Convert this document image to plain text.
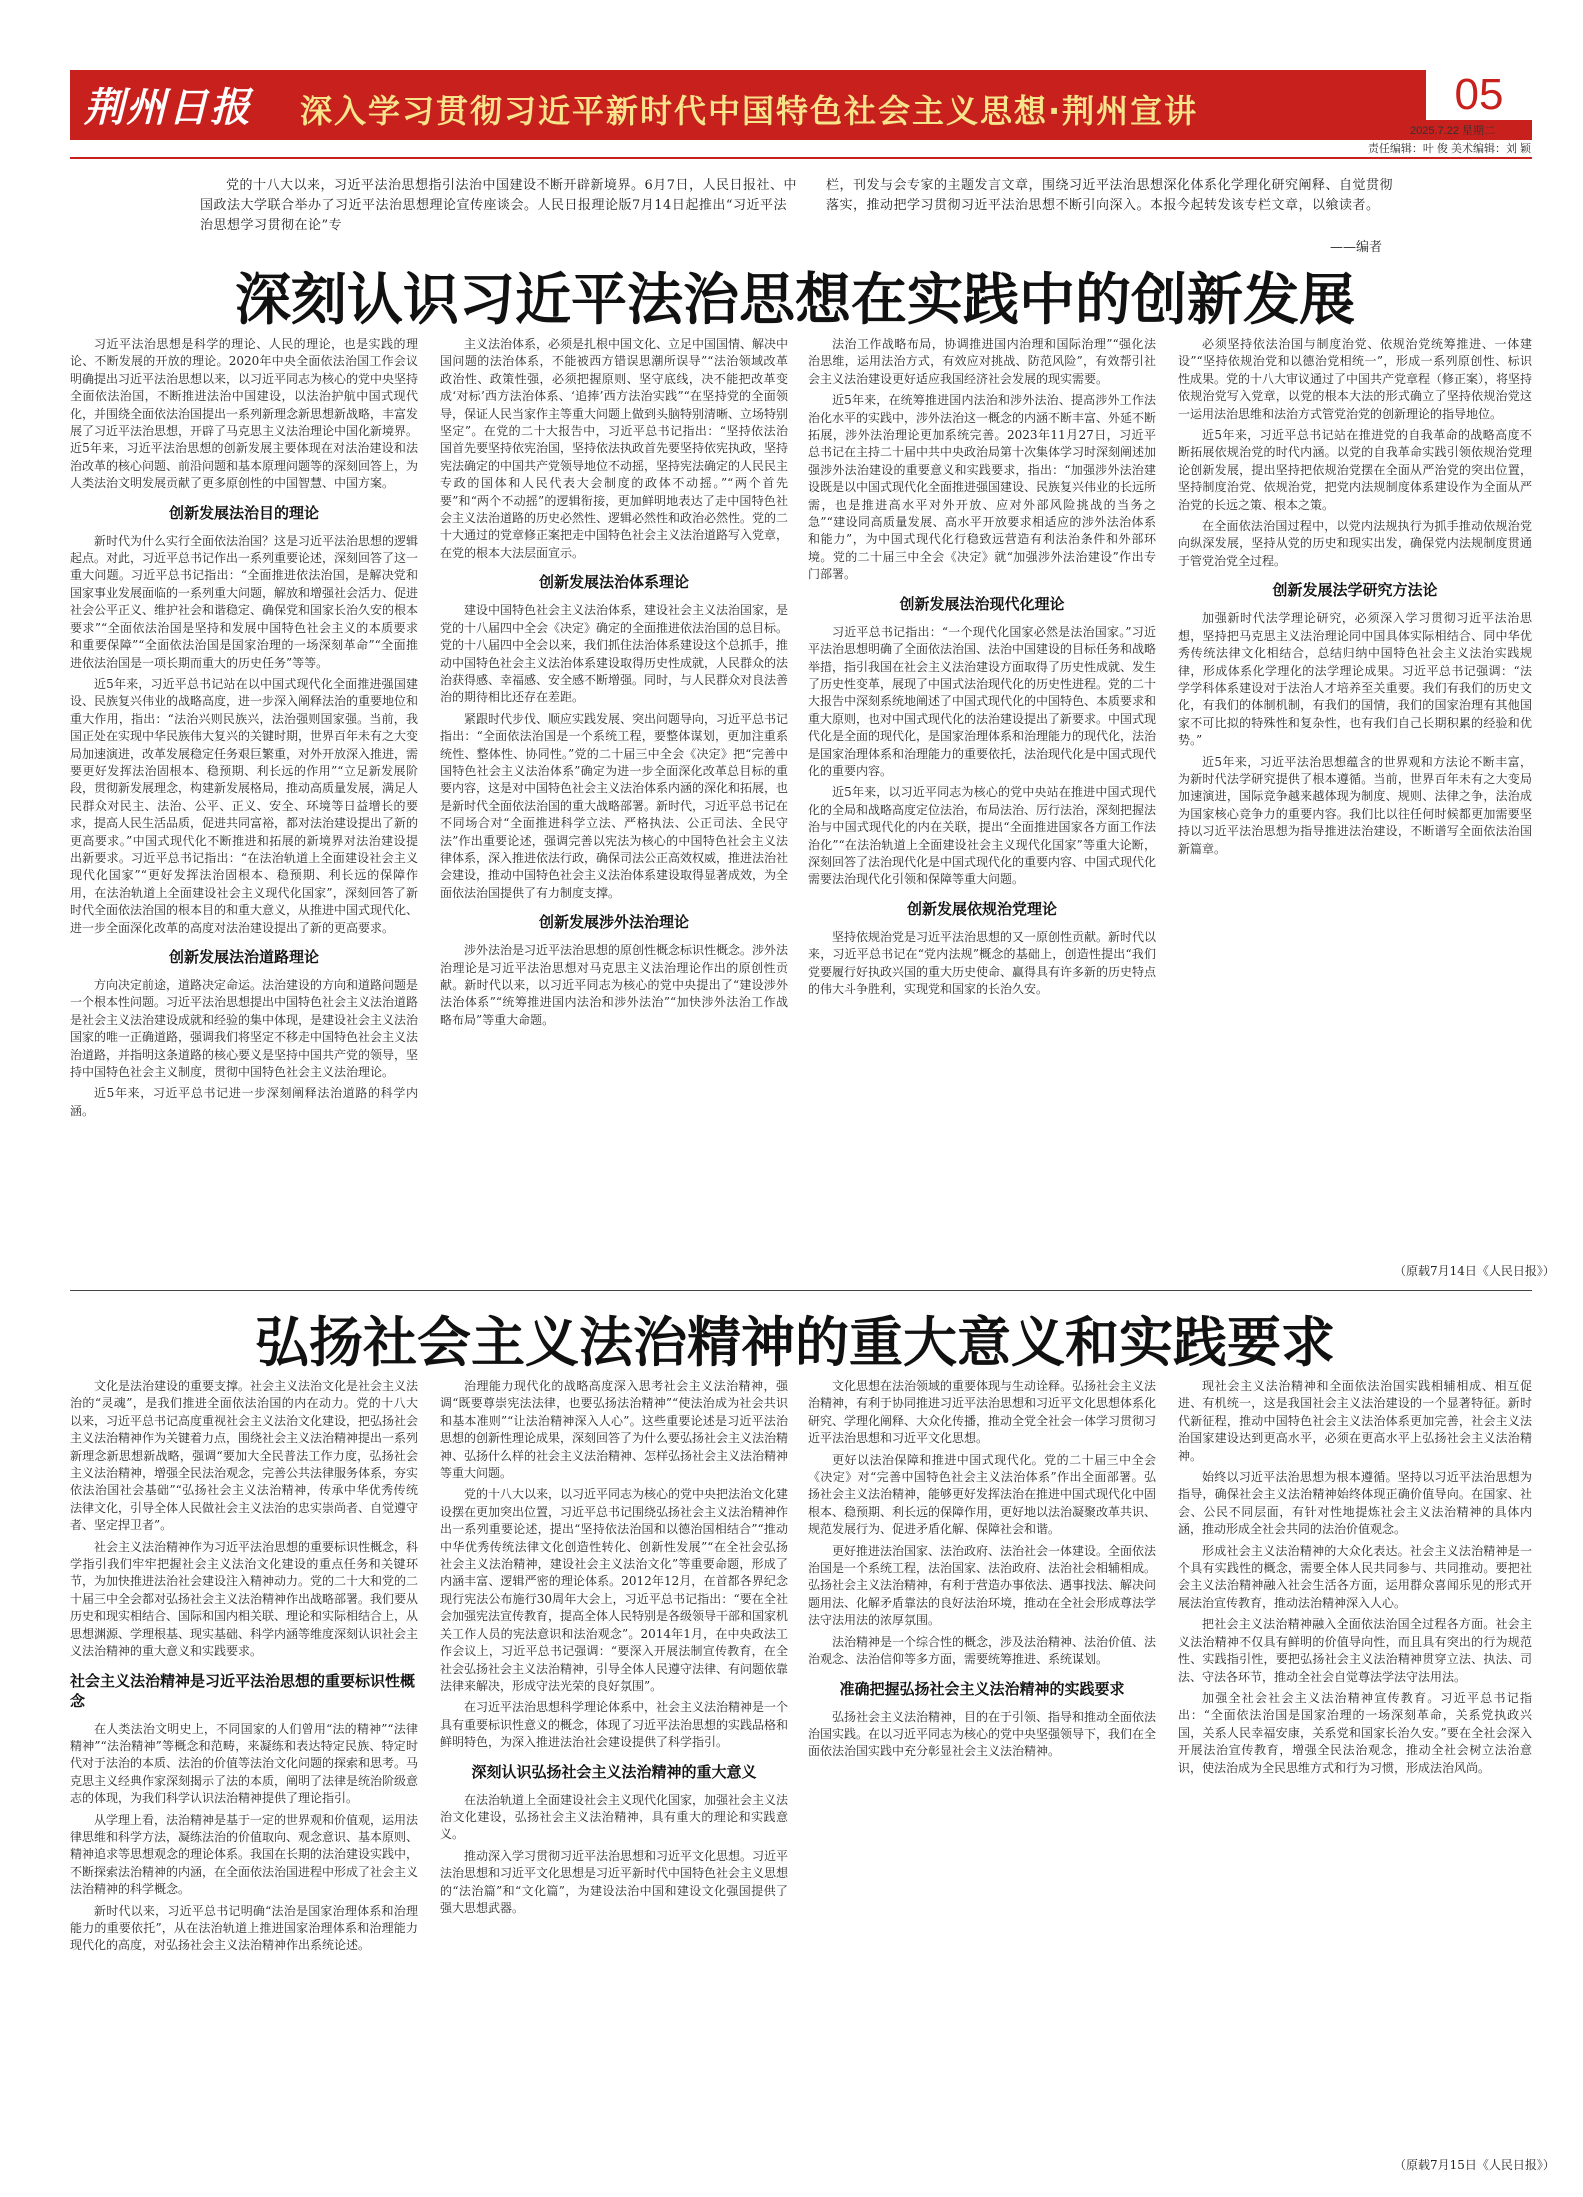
荆州日报 深入学习贯彻习近平新时代中国特色社会主义思想·荆州宣讲	05
2025.7.22 星期二
责任编辑：叶 俊 美术编辑：刘 颖
党的十八大以来，习近平法治思想指引法治中国建设不断开辟新境界。6月7日，人民日报社、中国政法大学联合举办了习近平法治思想理论宣传座谈会。人民日报理论版7月14日起推出“习近平法治思想学习贯彻在论”专
栏，刊发与会专家的主题发言文章，围绕习近平法治思想深化体系化学理化研究阐释、自觉贯彻落实，推动把学习贯彻习近平法治思想不断引向深入。本报今起转发该专栏文章，以飨读者。
——编者
深刻认识习近平法治思想在实践中的创新发展

习近平法治思想是科学的理论、人民的理论，也是实践的理论、不断发展的开放的理论。2020年中央全面依法治国工作会议明确提出习近平法治思想以来，以习近平同志为核心的党中央坚持全面依法治国，不断推进法治中国建设，以法治护航中国式现代化，并围绕全面依法治国提出一系列新理念新思想新战略，丰富发展了习近平法治思想，开辟了马克思主义法治理论中国化新境界。近5年来，习近平法治思想的创新发展主要体现在对法治建设和法治改革的核心问题、前沿问题和基本原理问题等的深刻回答上，为人类法治文明发展贡献了更多原创性的中国智慧、中国方案。

创新发展法治目的理论

新时代为什么实行全面依法治国？这是习近平法治思想的逻辑起点。对此，习近平总书记作出一系列重要论述，深刻回答了这一重大问题。习近平总书记指出：“全面推进依法治国，是解决党和国家事业发展面临的一系列重大问题，解放和增强社会活力、促进社会公平正义、维护社会和谐稳定、确保党和国家长治久安的根本要求”“全面依法治国是坚持和发展中国特色社会主义的本质要求和重要保障”“全面依法治国是国家治理的一场深刻革命”“全面推进依法治国是一项长期而重大的历史任务”等等。

近5年来，习近平总书记站在以中国式现代化全面推进强国建设、民族复兴伟业的战略高度，进一步深入阐释法治的重要地位和重大作用，指出：“法治兴则民族兴，法治强则国家强。当前，我国正处在实现中华民族伟大复兴的关键时期，世界百年未有之大变局加速演进，改革发展稳定任务艰巨繁重，对外开放深入推进，需要更好发挥法治固根本、稳预期、利长远的作用”“立足新发展阶段，贯彻新发展理念，构建新发展格局，推动高质量发展，满足人民群众对民主、法治、公平、正义、安全、环境等日益增长的要求，提高人民生活品质，促进共同富裕，都对法治建设提出了新的更高要求。”中国式现代化不断推进和拓展的新境界对法治建设提出新要求。习近平总书记指出：“在法治轨道上全面建设社会主义现代化国家”“更好发挥法治固根本、稳预期、利长远的保障作用，在法治轨道上全面建设社会主义现代化国家”，深刻回答了新时代全面依法治国的根本目的和重大意义，从推进中国式现代化、进一步全面深化改革的高度对法治建设提出了新的更高要求。

创新发展法治道路理论

方向决定前途，道路决定命运。法治建设的方向和道路问题是一个根本性问题。习近平法治思想提出中国特色社会主义法治道路是社会主义法治建设成就和经验的集中体现，是建设社会主义法治国家的唯一正确道路，强调我们将坚定不移走中国特色社会主义法治道路，并指明这条道路的核心要义是坚持中国共产党的领导，坚持中国特色社会主义制度，贯彻中国特色社会主义法治理论。

近5年来，习近平总书记进一步深刻阐释法治道路的科学内涵。

主义法治体系，必须是扎根中国文化、立足中国国情、解决中国问题的法治体系，不能被西方错误思潮所误导”“法治领域改革政治性、政策性强，必须把握原则、坚守底线，决不能把改革变成‘对标’西方法治体系、‘追捧’西方法治实践”“在坚持党的全面领导，保证人民当家作主等重大问题上做到头脑特别清晰、立场特别坚定”。在党的二十大报告中，习近平总书记指出：“坚持依法治国首先要坚持依宪治国，坚持依法执政首先要坚持依宪执政，坚持宪法确定的中国共产党领导地位不动摇，坚持宪法确定的人民民主专政的国体和人民代表大会制度的政体不动摇。”“两个首先要”和“两个不动摇”的逻辑衔接，更加鲜明地表达了走中国特色社会主义法治道路的历史必然性、逻辑必然性和政治必然性。党的二十大通过的党章修正案把走中国特色社会主义法治道路写入党章，在党的根本大法层面宣示。

创新发展法治体系理论

建设中国特色社会主义法治体系，建设社会主义法治国家，是党的十八届四中全会《决定》确定的全面推进依法治国的总目标。党的十八届四中全会以来，我们抓住法治体系建设这个总抓手，推动中国特色社会主义法治体系建设取得历史性成就，人民群众的法治获得感、幸福感、安全感不断增强。同时，与人民群众对良法善治的期待相比还存在差距。

紧跟时代步伐、顺应实践发展、突出问题导向，习近平总书记指出：“全面依法治国是一个系统工程，要整体谋划，更加注重系统性、整体性、协同性。”党的二十届三中全会《决定》把“完善中国特色社会主义法治体系”确定为进一步全面深化改革总目标的重要内容，这是对中国特色社会主义法治体系内涵的深化和拓展，也是新时代全面依法治国的重大战略部署。新时代，习近平总书记在不同场合对“全面推进科学立法、严格执法、公正司法、全民守法”作出重要论述，强调完善以宪法为核心的中国特色社会主义法律体系，深入推进依法行政，确保司法公正高效权威，推进法治社会建设，推动中国特色社会主义法治体系建设取得显著成效，为全面依法治国提供了有力制度支撑。

创新发展涉外法治理论

涉外法治是习近平法治思想的原创性概念标识性概念。涉外法治理论是习近平法治思想对马克思主义法治理论作出的原创性贡献。新时代以来，以习近平同志为核心的党中央提出了“建设涉外法治体系”“统筹推进国内法治和涉外法治”“加快涉外法治工作战略布局”等重大命题。

法治工作战略布局，协调推进国内治理和国际治理”“强化法治思维，运用法治方式，有效应对挑战、防范风险”，有效帮引社会主义法治建设更好适应我国经济社会发展的现实需要。

近5年来，在统筹推进国内法治和涉外法治、提高涉外工作法治化水平的实践中，涉外法治这一概念的内涵不断丰富、外延不断拓展，涉外法治理论更加系统完善。2023年11月27日，习近平总书记在主持二十届中共中央政治局第十次集体学习时深刻阐述加强涉外法治建设的重要意义和实践要求，指出：“加强涉外法治建设既是以中国式现代化全面推进强国建设、民族复兴伟业的长远所需，也是推进高水平对外开放、应对外部风险挑战的当务之急”“建设同高质量发展、高水平开放要求相适应的涉外法治体系和能力”，为中国式现代化行稳致远营造有利法治条件和外部环境。党的二十届三中全会《决定》就“加强涉外法治建设”作出专门部署。

创新发展法治现代化理论

习近平总书记指出：“一个现代化国家必然是法治国家。”习近平法治思想明确了全面依法治国、法治中国建设的目标任务和战略举措，指引我国在社会主义法治建设方面取得了历史性成就、发生了历史性变革，展现了中国式法治现代化的历史性进程。党的二十大报告中深刻系统地阐述了中国式现代化的中国特色、本质要求和重大原则，也对中国式现代化的法治建设提出了新要求。中国式现代化是全面的现代化，是国家治理体系和治理能力的现代化，法治是国家治理体系和治理能力的重要依托，法治现代化是中国式现代化的重要内容。

近5年来，以习近平同志为核心的党中央站在推进中国式现代化的全局和战略高度定位法治，布局法治、厉行法治，深刻把握法治与中国式现代化的内在关联，提出“全面推进国家各方面工作法治化”“在法治轨道上全面建设社会主义现代化国家”等重大论断，深刻回答了法治现代化是中国式现代化的重要内容、中国式现代化需要法治现代化引领和保障等重大问题。

创新发展依规治党理论

坚持依规治党是习近平法治思想的又一原创性贡献。新时代以来，习近平总书记在“党内法规”概念的基础上，创造性提出“我们党要履行好执政兴国的重大历史使命、赢得具有许多新的历史特点的伟大斗争胜利，实现党和国家的长治久安。

必须坚持依法治国与制度治党、依规治党统筹推进、一体建设”“坚持依规治党和以德治党相统一”，形成一系列原创性、标识性成果。党的十八大审议通过了中国共产党章程（修正案），将坚持依规治党写入党章，以党的根本大法的形式确立了坚持依规治党这一运用法治思维和法治方式管党治党的创新理论的指导地位。

近5年来，习近平总书记站在推进党的自我革命的战略高度不断拓展依规治党的时代内涵。以党的自我革命实践引领依规治党理论创新发展，提出坚持把依规治党摆在全面从严治党的突出位置，坚持制度治党、依规治党，把党内法规制度体系建设作为全面从严治党的长远之策、根本之策。

在全面依法治国过程中，以党内法规执行为抓手推动依规治党向纵深发展，坚持从党的历史和现实出发，确保党内法规制度贯通于管党治党全过程。

创新发展法学研究方法论

加强新时代法学理论研究，必须深入学习贯彻习近平法治思想，坚持把马克思主义法治理论同中国具体实际相结合、同中华优秀传统法律文化相结合，总结归纳中国特色社会主义法治实践规律，形成体系化学理化的法学理论成果。习近平总书记强调：“法学学科体系建设对于法治人才培养至关重要。我们有我们的历史文化，有我们的体制机制，有我们的国情，我们的国家治理有其他国家不可比拟的特殊性和复杂性，也有我们自己长期积累的经验和优势。”

近5年来，习近平法治思想蕴含的世界观和方法论不断丰富，为新时代法学研究提供了根本遵循。当前，世界百年未有之大变局加速演进，国际竞争越来越体现为制度、规则、法律之争，法治成为国家核心竞争力的重要内容。我们比以往任何时候都更加需要坚持以习近平法治思想为指导推进法治建设，不断谱写全面依法治国新篇章。

（原载7月14日《人民日报》）
弘扬社会主义法治精神的重大意义和实践要求

文化是法治建设的重要支撑。社会主义法治文化是社会主义法治的“灵魂”，是我们推进全面依法治国的内在动力。党的十八大以来，习近平总书记高度重视社会主义法治文化建设，把弘扬社会主义法治精神作为关键着力点，围绕社会主义法治精神提出一系列新理念新思想新战略，强调“要加大全民普法工作力度，弘扬社会主义法治精神，增强全民法治观念，完善公共法律服务体系，夯实依法治国社会基础”“弘扬社会主义法治精神，传承中华优秀传统法律文化，引导全体人民做社会主义法治的忠实崇尚者、自觉遵守者、坚定捍卫者”。

社会主义法治精神作为习近平法治思想的重要标识性概念，科学指引我们牢牢把握社会主义法治文化建设的重点任务和关键环节，为加快推进法治社会建设注入精神动力。党的二十大和党的二十届三中全会都对弘扬社会主义法治精神作出战略部署。我们要从历史和现实相结合、国际和国内相关联、理论和实际相结合上，从思想渊源、学理根基、现实基础、科学内涵等维度深刻认识社会主义法治精神的重大意义和实践要求。

社会主义法治精神是习近平法治思想的重要标识性概念

在人类法治文明史上，不同国家的人们曾用“法的精神”“法律精神”“法治精神”等概念和范畴，来凝练和表达特定民族、特定时代对于法治的本质、法治的价值等法治文化问题的探索和思考。马克思主义经典作家深刻揭示了法的本质，阐明了法律是统治阶级意志的体现，为我们科学认识法治精神提供了理论指引。

从学理上看，法治精神是基于一定的世界观和价值观，运用法律思维和科学方法，凝练法治的价值取向、观念意识、基本原则、精神追求等思想观念的理论体系。我国在长期的法治建设实践中，不断探索法治精神的内涵，在全面依法治国进程中形成了社会主义法治精神的科学概念。

新时代以来，习近平总书记明确“法治是国家治理体系和治理能力的重要依托”，从在法治轨道上推进国家治理体系和治理能力现代化的高度，对弘扬社会主义法治精神作出系统论述。

治理能力现代化的战略高度深入思考社会主义法治精神，强调“既要尊崇宪法法律，也要弘扬法治精神”“使法治成为社会共识和基本准则”“让法治精神深入人心”。这些重要论述是习近平法治思想的创新性理论成果，深刻回答了为什么要弘扬社会主义法治精神、弘扬什么样的社会主义法治精神、怎样弘扬社会主义法治精神等重大问题。

党的十八大以来，以习近平同志为核心的党中央把法治文化建设摆在更加突出位置，习近平总书记围绕弘扬社会主义法治精神作出一系列重要论述，提出“坚持依法治国和以德治国相结合”“推动中华优秀传统法律文化创造性转化、创新性发展”“在全社会弘扬社会主义法治精神，建设社会主义法治文化”等重要命题，形成了内涵丰富、逻辑严密的理论体系。2012年12月，在首都各界纪念现行宪法公布施行30周年大会上，习近平总书记指出：“要在全社会加强宪法宣传教育，提高全体人民特别是各级领导干部和国家机关工作人员的宪法意识和法治观念”。2014年1月，在中央政法工作会议上，习近平总书记强调：“要深入开展法制宣传教育，在全社会弘扬社会主义法治精神，引导全体人民遵守法律、有问题依靠法律来解决，形成守法光荣的良好氛围”。

在习近平法治思想科学理论体系中，社会主义法治精神是一个具有重要标识性意义的概念，体现了习近平法治思想的实践品格和鲜明特色，为深入推进法治社会建设提供了科学指引。

深刻认识弘扬社会主义法治精神的重大意义

在法治轨道上全面建设社会主义现代化国家，加强社会主义法治文化建设，弘扬社会主义法治精神，具有重大的理论和实践意义。

推动深入学习贯彻习近平法治思想和习近平文化思想。习近平法治思想和习近平文化思想是习近平新时代中国特色社会主义思想的“法治篇”和“文化篇”，为建设法治中国和建设文化强国提供了强大思想武器。

文化思想在法治领域的重要体现与生动诠释。弘扬社会主义法治精神，有利于协同推进习近平法治思想和习近平文化思想体系化研究、学理化阐释、大众化传播，推动全党全社会一体学习贯彻习近平法治思想和习近平文化思想。

更好以法治保障和推进中国式现代化。党的二十届三中全会《决定》对“完善中国特色社会主义法治体系”作出全面部署。弘扬社会主义法治精神，能够更好发挥法治在推进中国式现代化中固根本、稳预期、利长远的保障作用，更好地以法治凝聚改革共识、规范发展行为、促进矛盾化解、保障社会和谐。

更好推进法治国家、法治政府、法治社会一体建设。全面依法治国是一个系统工程，法治国家、法治政府、法治社会相辅相成。弘扬社会主义法治精神，有利于营造办事依法、遇事找法、解决问题用法、化解矛盾靠法的良好法治环境，推动在全社会形成尊法学法守法用法的浓厚氛围。

法治精神是一个综合性的概念，涉及法治精神、法治价值、法治观念、法治信仰等多方面，需要统筹推进、系统谋划。

准确把握弘扬社会主义法治精神的实践要求

弘扬社会主义法治精神，目的在于引领、指导和推动全面依法治国实践。在以习近平同志为核心的党中央坚强领导下，我们在全面依法治国实践中充分彰显社会主义法治精神。

现社会主义法治精神和全面依法治国实践相辅相成、相互促进、有机统一，这是我国社会主义法治建设的一个显著特征。新时代新征程，推动中国特色社会主义法治体系更加完善，社会主义法治国家建设达到更高水平，必须在更高水平上弘扬社会主义法治精神。

始终以习近平法治思想为根本遵循。坚持以习近平法治思想为指导，确保社会主义法治精神始终体现正确价值导向。在国家、社会、公民不同层面，有针对性地提炼社会主义法治精神的具体内涵，推动形成全社会共同的法治价值观念。

形成社会主义法治精神的大众化表达。社会主义法治精神是一个具有实践性的概念，需要全体人民共同参与、共同推动。要把社会主义法治精神融入社会生活各方面，运用群众喜闻乐见的形式开展法治宣传教育，推动法治精神深入人心。

把社会主义法治精神融入全面依法治国全过程各方面。社会主义法治精神不仅具有鲜明的价值导向性，而且具有突出的行为规范性、实践指引性，要把弘扬社会主义法治精神贯穿立法、执法、司法、守法各环节，推动全社会自觉尊法学法守法用法。

加强全社会社会主义法治精神宣传教育。习近平总书记指出：“全面依法治国是国家治理的一场深刻革命，关系党执政兴国，关系人民幸福安康，关系党和国家长治久安。”要在全社会深入开展法治宣传教育，增强全民法治观念，推动全社会树立法治意识，使法治成为全民思维方式和行为习惯，形成法治风尚。

（原载7月15日《人民日报》）
